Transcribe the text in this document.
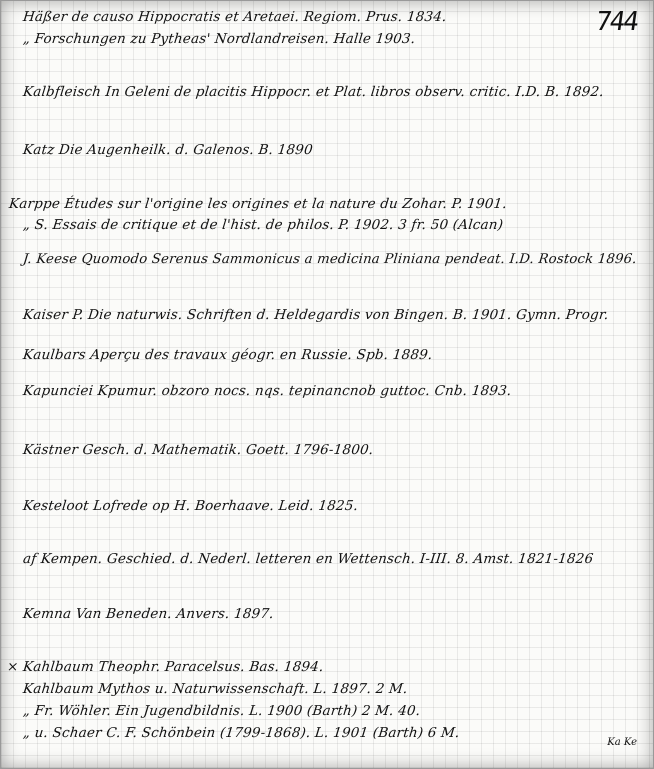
744
Häßer de causo Hippocratis et Aretaei. Regiom. Prus. 1834.
„ Forschungen zu Pytheas' Nordlandreisen. Halle 1903.
Kalbfleisch In Geleni de placitis Hippocr. et Plat. libros observ. critic. I.D. B. 1892.
Katz Die Augenheilk. d. Galenos. B. 1890
Karppe Études sur l'origine les origines et la nature du Zohar. P. 1901.
„ S. Essais de critique et de l'hist. de philos. P. 1902. 3 fr. 50 (Alcan)
J. Keese Quomodo Serenus Sammonicus a medicina Pliniana pendeat. I.D. Rostock 1896.
Kaiser P. Die naturwis. Schriften d. Heldegardis von Bingen. B. 1901. Gymn. Progr.
Kaulbars Aperçu des travaux géogr. en Russie. Spb. 1889.
Kapunciei Kpumur. obzoro nocs. nqs. tepinancnob guttoc. Cnb. 1893.
Kästner Gesch. d. Mathematik. Goett. 1796-1800.
Kesteloot Lofrede op H. Boerhaave. Leid. 1825.
af Kempen. Geschied. d. Nederl. letteren en Wettensch. I-III. 8. Amst. 1821-1826
Kemna Van Beneden. Anvers. 1897.
× Kahlbaum Theophr. Paracelsus. Bas. 1894.
Kahlbaum Mythos u. Naturwissenschaft. L. 1897. 2 M.
„ Fr. Wöhler. Ein Jugendbildnis. L. 1900 (Barth) 2 M. 40.
„ u. Schaer C. F. Schönbein (1799-1868). L. 1901 (Barth) 6 M.
Ka Ke
